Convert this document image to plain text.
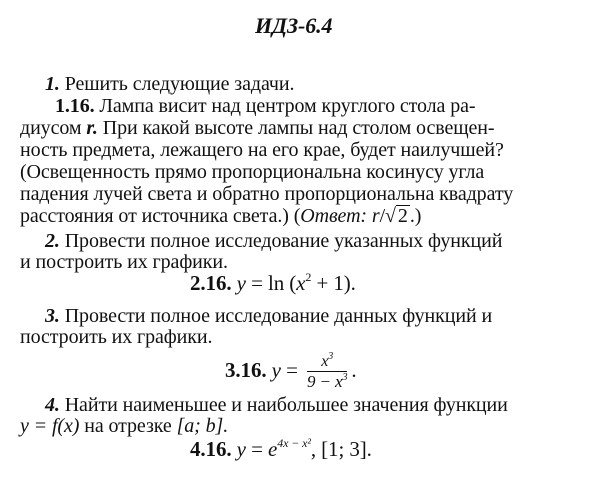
ИДЗ-6.4
1. Решить следующие задачи.
1.16. Лампа висит над центром круглого стола ра-
диусом r. При какой высоте лампы над столом освещен-
ность предмета, лежащего на его крае, будет наилучшей?
(Освещенность прямо пропорциональна косинусу угла
падения лучей света и обратно пропорциональна квадрату
расстояния от источника света.) (Ответ: r/√ 2 .)
2. Провести полное исследование указанных функций
и построить их графики.
2.16. $y = \ln (x^2 + 1)$.
3. Провести полное исследование данных функций и
построить их графики.
3.16. $y = \frac{x^3}{9 - x^3}$ .
4. Найти наименьшее и наибольшее значения функции
y = f(x) на отрезке [a; b].
4.16. $y = e^{4x - x^2}$, [1; 3].
